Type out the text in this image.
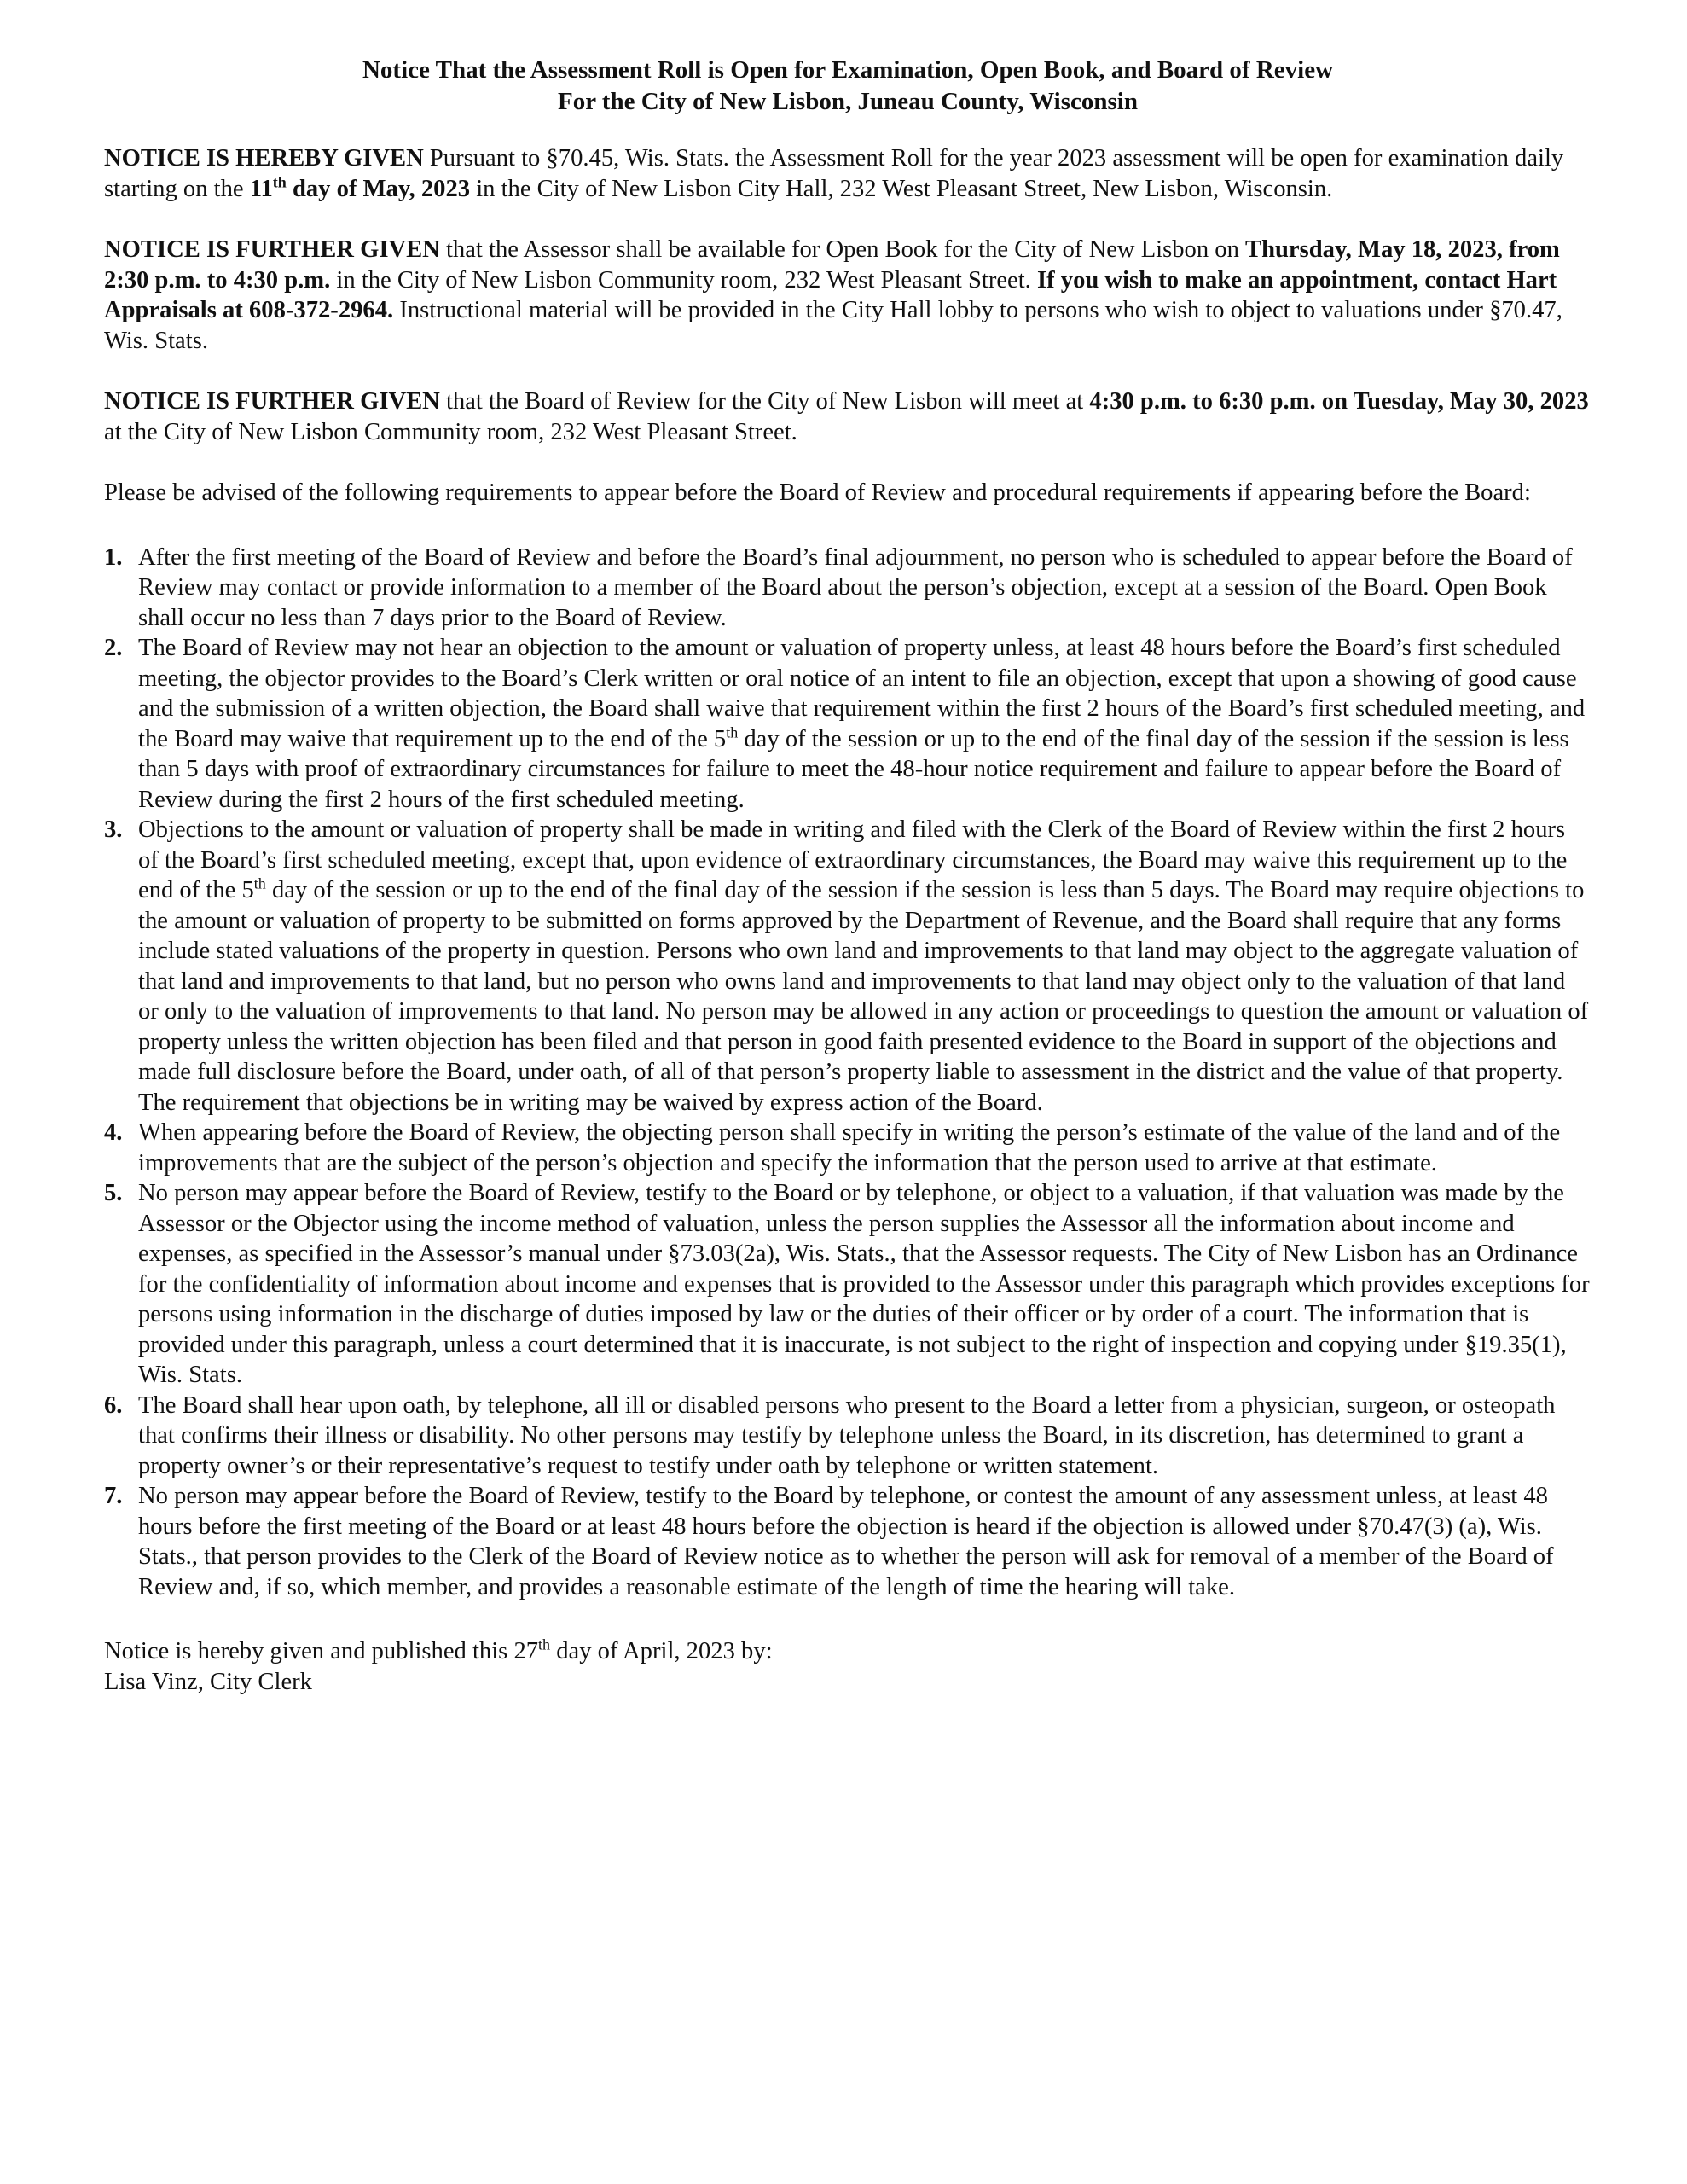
Notice That the Assessment Roll is Open for Examination, Open Book, and Board of Review
For the City of New Lisbon, Juneau County, Wisconsin

NOTICE IS HEREBY GIVEN Pursuant to §70.45, Wis. Stats. the Assessment Roll for the year 2023 assessment will be open for examination daily starting on the 11th day of May, 2023 in the City of New Lisbon City Hall, 232 West Pleasant Street, New Lisbon, Wisconsin.

NOTICE IS FURTHER GIVEN that the Assessor shall be available for Open Book for the City of New Lisbon on Thursday, May 18, 2023, from 2:30 p.m. to 4:30 p.m. in the City of New Lisbon Community room, 232 West Pleasant Street. If you wish to make an appointment, contact Hart Appraisals at 608-372-2964. Instructional material will be provided in the City Hall lobby to persons who wish to object to valuations under §70.47, Wis. Stats.

NOTICE IS FURTHER GIVEN that the Board of Review for the City of New Lisbon will meet at 4:30 p.m. to 6:30 p.m. on Tuesday, May 30, 2023 at the City of New Lisbon Community room, 232 West Pleasant Street.

Please be advised of the following requirements to appear before the Board of Review and procedural requirements if appearing before the Board:

1. After the first meeting of the Board of Review and before the Board’s final adjournment, no person who is scheduled to appear before the Board of Review may contact or provide information to a member of the Board about the person’s objection, except at a session of the Board. Open Book shall occur no less than 7 days prior to the Board of Review.
2. The Board of Review may not hear an objection to the amount or valuation of property unless, at least 48 hours before the Board’s first scheduled meeting, the objector provides to the Board’s Clerk written or oral notice of an intent to file an objection, except that upon a showing of good cause and the submission of a written objection, the Board shall waive that requirement within the first 2 hours of the Board’s first scheduled meeting, and the Board may waive that requirement up to the end of the 5th day of the session or up to the end of the final day of the session if the session is less than 5 days with proof of extraordinary circumstances for failure to meet the 48-hour notice requirement and failure to appear before the Board of Review during the first 2 hours of the first scheduled meeting.
3. Objections to the amount or valuation of property shall be made in writing and filed with the Clerk of the Board of Review within the first 2 hours of the Board’s first scheduled meeting, except that, upon evidence of extraordinary circumstances, the Board may waive this requirement up to the end of the 5th day of the session or up to the end of the final day of the session if the session is less than 5 days. The Board may require objections to the amount or valuation of property to be submitted on forms approved by the Department of Revenue, and the Board shall require that any forms include stated valuations of the property in question. Persons who own land and improvements to that land may object to the aggregate valuation of that land and improvements to that land, but no person who owns land and improvements to that land may object only to the valuation of that land or only to the valuation of improvements to that land. No person may be allowed in any action or proceedings to question the amount or valuation of property unless the written objection has been filed and that person in good faith presented evidence to the Board in support of the objections and made full disclosure before the Board, under oath, of all of that person’s property liable to assessment in the district and the value of that property. The requirement that objections be in writing may be waived by express action of the Board.
4. When appearing before the Board of Review, the objecting person shall specify in writing the person’s estimate of the value of the land and of the improvements that are the subject of the person’s objection and specify the information that the person used to arrive at that estimate.
5. No person may appear before the Board of Review, testify to the Board or by telephone, or object to a valuation, if that valuation was made by the Assessor or the Objector using the income method of valuation, unless the person supplies the Assessor all the information about income and expenses, as specified in the Assessor’s manual under §73.03(2a), Wis. Stats., that the Assessor requests. The City of New Lisbon has an Ordinance for the confidentiality of information about income and expenses that is provided to the Assessor under this paragraph which provides exceptions for persons using information in the discharge of duties imposed by law or the duties of their officer or by order of a court. The information that is provided under this paragraph, unless a court determined that it is inaccurate, is not subject to the right of inspection and copying under §19.35(1), Wis. Stats.
6. The Board shall hear upon oath, by telephone, all ill or disabled persons who present to the Board a letter from a physician, surgeon, or osteopath that confirms their illness or disability. No other persons may testify by telephone unless the Board, in its discretion, has determined to grant a property owner’s or their representative’s request to testify under oath by telephone or written statement.
7. No person may appear before the Board of Review, testify to the Board by telephone, or contest the amount of any assessment unless, at least 48 hours before the first meeting of the Board or at least 48 hours before the objection is heard if the objection is allowed under §70.47(3) (a), Wis. Stats., that person provides to the Clerk of the Board of Review notice as to whether the person will ask for removal of a member of the Board of Review and, if so, which member, and provides a reasonable estimate of the length of time the hearing will take.

Notice is hereby given and published this 27th day of April, 2023 by:

Lisa Vinz, City Clerk
